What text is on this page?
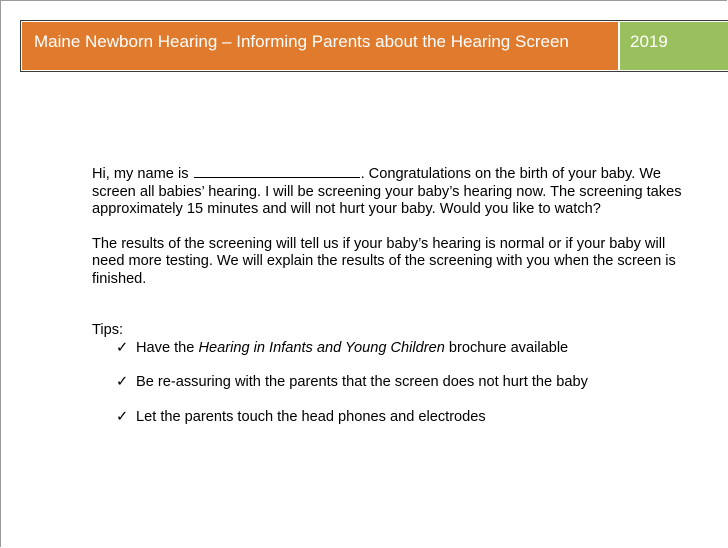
Maine Newborn Hearing – Informing Parents about the Hearing Screen	2019

Hi, my name is	. Congratulations on the birth of your baby. We screen all babies’ hearing. I will be screening your baby’s hearing now. The screening takes approximately 15 minutes and will not hurt your baby. Would you like to watch?

The results of the screening will tell us if your baby’s hearing is normal or if your baby will need more testing. We will explain the results of the screening with you when the screen is finished.

Tips:
✓ Have the Hearing in Infants and Young Children brochure available
✓ Be re-assuring with the parents that the screen does not hurt the baby
✓ Let the parents touch the head phones and electrodes
